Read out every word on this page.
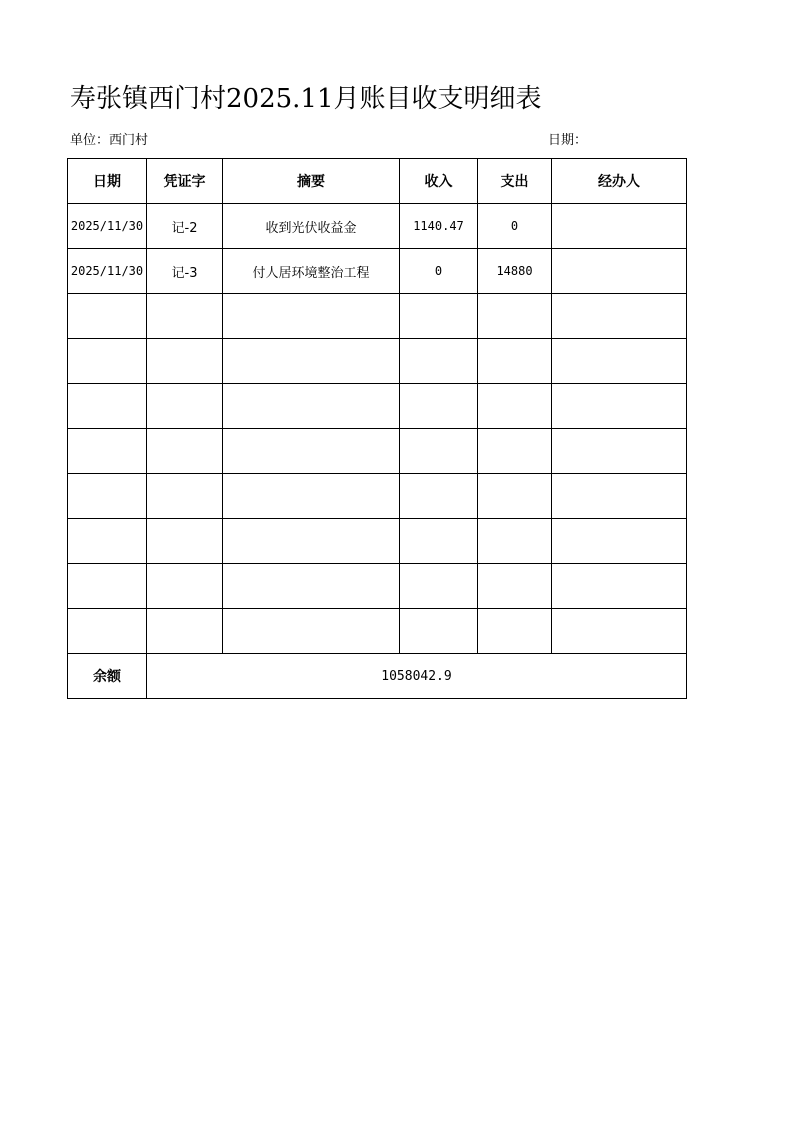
寿张镇西门村2025.11月账目收支明细表
单位：西门村	日期：
日期	凭证字	摘要	收入	支出	经办人
2025/11/30	记-2	收到光伏收益金	1140.47	0	
2025/11/30	记-3	付人居环境整治工程	0	14880	

余额	1058042.9				
